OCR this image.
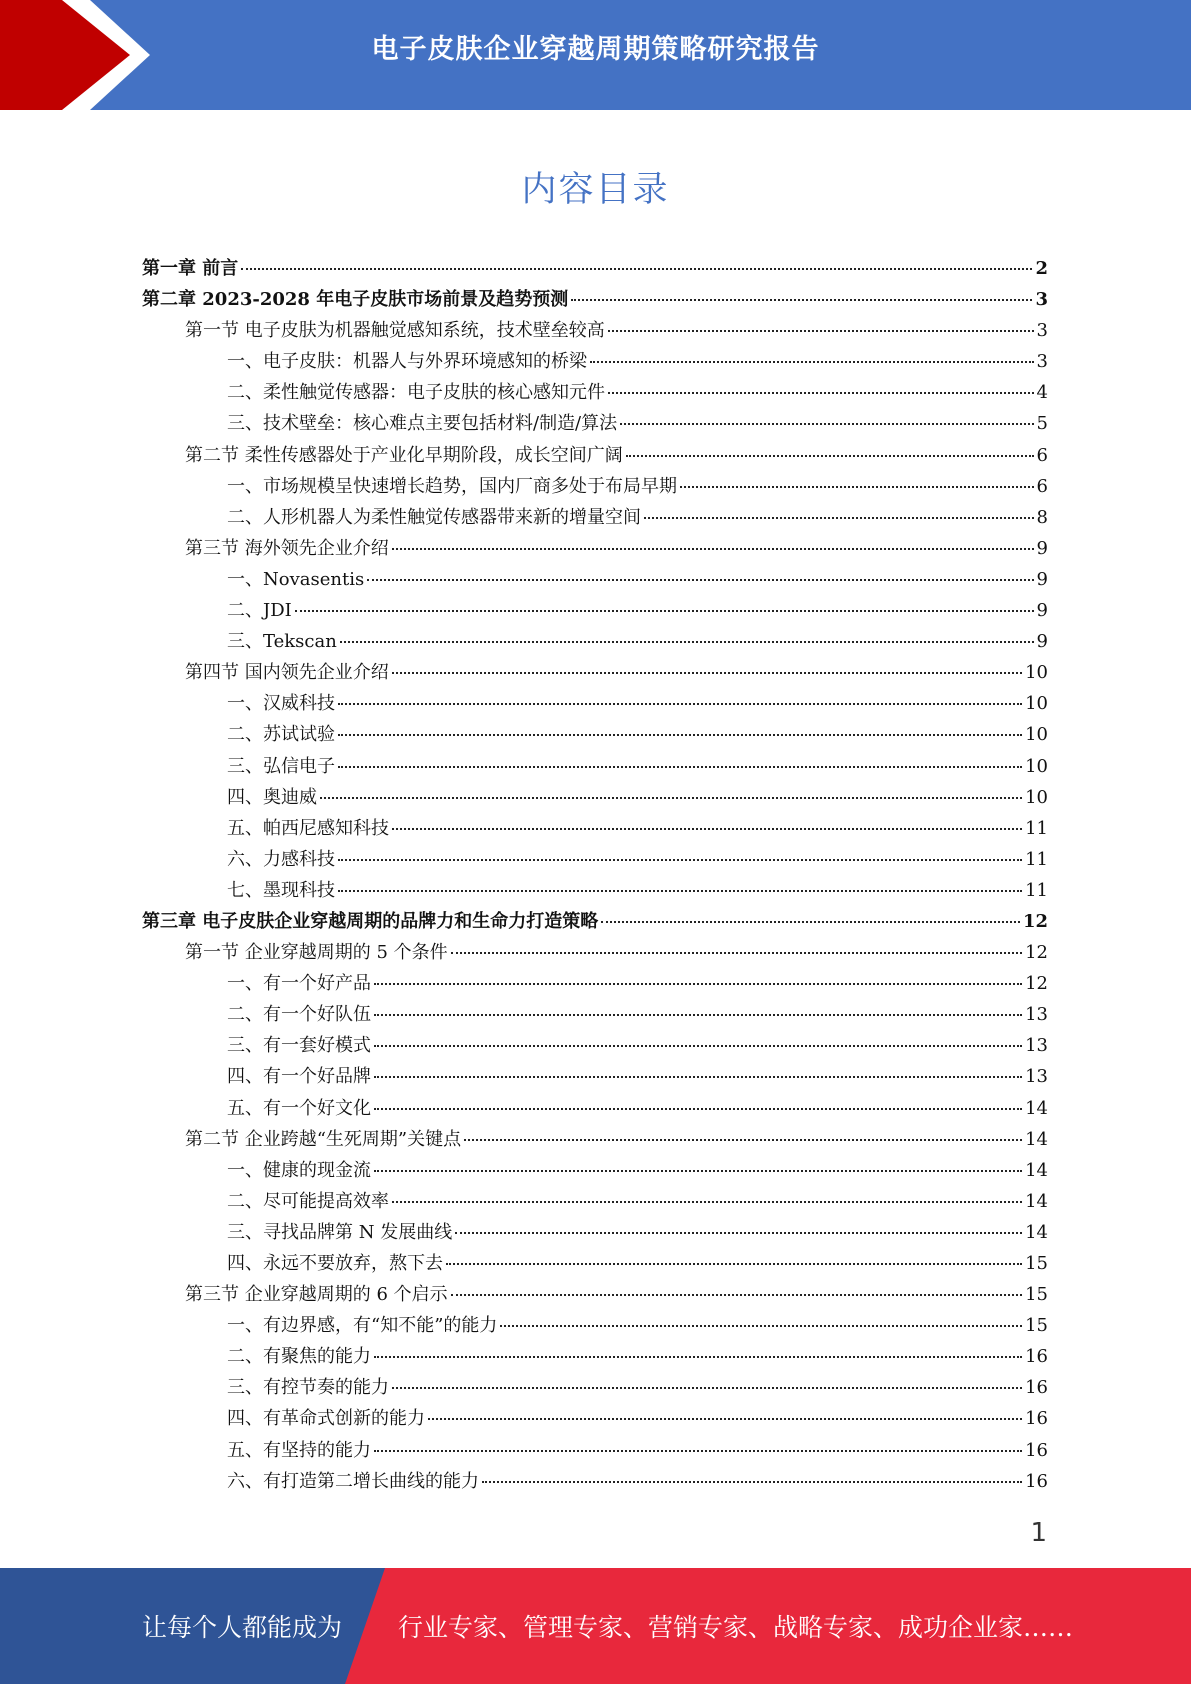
电子皮肤企业穿越周期策略研究报告
内容目录
第一章 前言	2
第二章 2023-2028 年电子皮肤市场前景及趋势预测	3
第一节 电子皮肤为机器触觉感知系统，技术壁垒较高	3
一、电子皮肤：机器人与外界环境感知的桥梁	3
二、柔性触觉传感器：电子皮肤的核心感知元件	4
三、技术壁垒：核心难点主要包括材料/制造/算法	5
第二节 柔性传感器处于产业化早期阶段，成长空间广阔	6
一、市场规模呈快速增长趋势，国内厂商多处于布局早期	6
二、人形机器人为柔性触觉传感器带来新的增量空间	8
第三节 海外领先企业介绍	9
一、Novasentis	9
二、JDI	9
三、Tekscan	9
第四节 国内领先企业介绍	10
一、汉威科技	10
二、苏试试验	10
三、弘信电子	10
四、奥迪威	10
五、帕西尼感知科技	11
六、力感科技	11
七、墨现科技	11
第三章 电子皮肤企业穿越周期的品牌力和生命力打造策略	12
第一节 企业穿越周期的 5 个条件	12
一、有一个好产品	12
二、有一个好队伍	13
三、有一套好模式	13
四、有一个好品牌	13
五、有一个好文化	14
第二节 企业跨越“生死周期”关键点	14
一、健康的现金流	14
二、尽可能提高效率	14
三、寻找品牌第 N 发展曲线	14
四、永远不要放弃，熬下去	15
第三节 企业穿越周期的 6 个启示	15
一、有边界感，有“知不能”的能力	15
二、有聚焦的能力	16
三、有控节奏的能力	16
四、有革命式创新的能力	16
五、有坚持的能力	16
六、有打造第二增长曲线的能力	16
1
让每个人都能成为 行业专家、管理专家、营销专家、战略专家、成功企业家……
